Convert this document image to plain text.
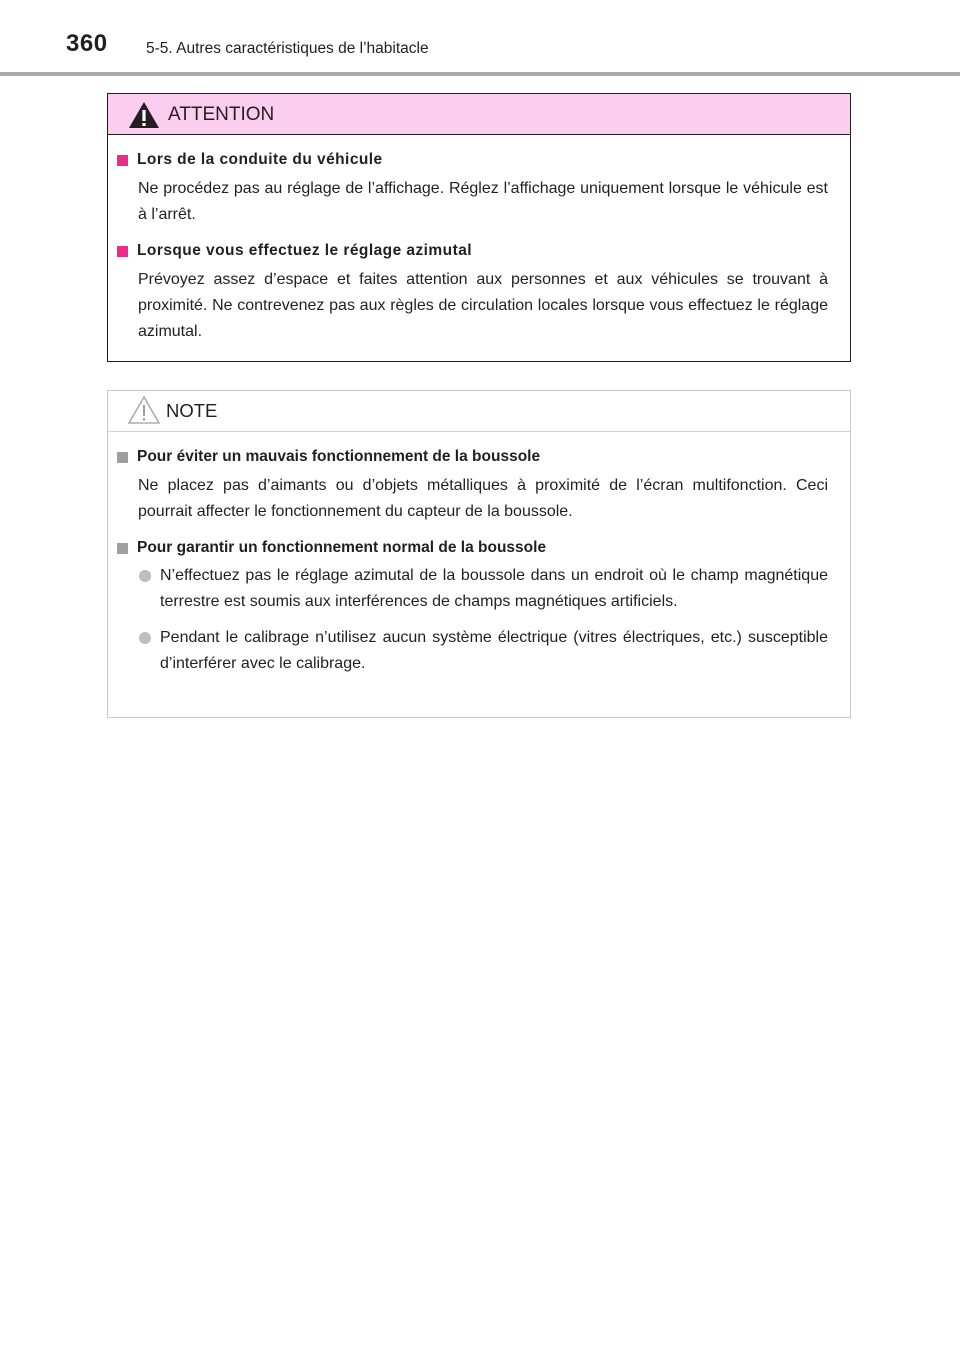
360 5-5. Autres caractéristiques de l’habitacle
ATTENTION
Lors de la conduite du véhicule
Ne procédez pas au réglage de l’affichage. Réglez l’affichage uniquement lorsque le véhicule est à l’arrêt.
Lorsque vous effectuez le réglage azimutal
Prévoyez assez d’espace et faites attention aux personnes et aux véhicules se trouvant à proximité. Ne contrevenez pas aux règles de circulation locales lorsque vous effectuez le réglage azimutal.
NOTE
Pour éviter un mauvais fonctionnement de la boussole
Ne placez pas d’aimants ou d’objets métalliques à proximité de l’écran multifonction. Ceci pourrait affecter le fonctionnement du capteur de la boussole.
Pour garantir un fonctionnement normal de la boussole
N’effectuez pas le réglage azimutal de la boussole dans un endroit où le champ magnétique terrestre est soumis aux interférences de champs magnétiques artificiels.
Pendant le calibrage n’utilisez aucun système électrique (vitres électriques, etc.) susceptible d’interférer avec le calibrage.
